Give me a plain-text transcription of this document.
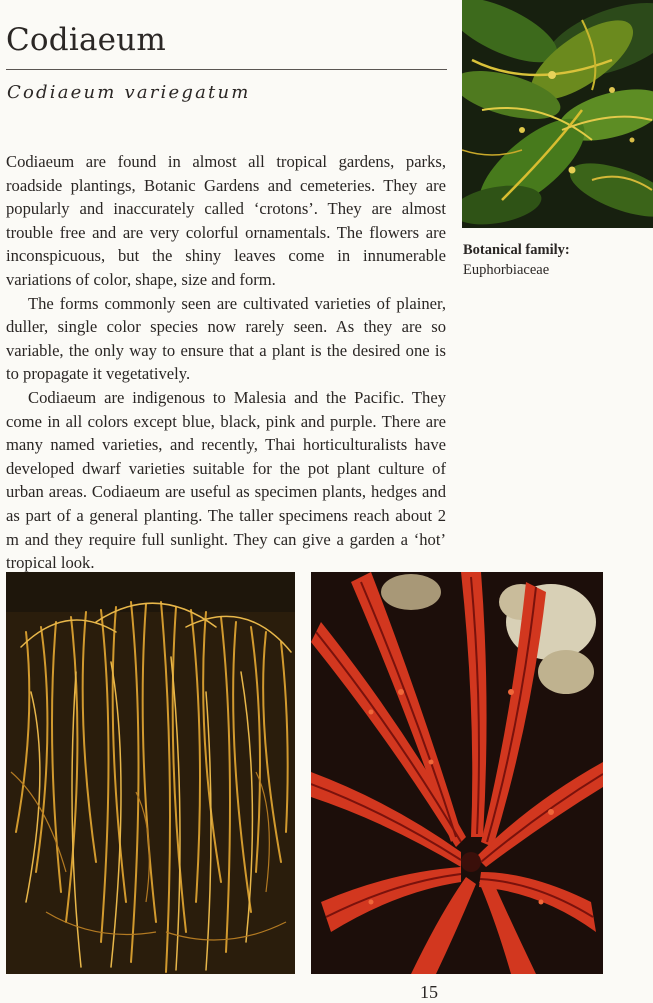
Codiaeum
Codiaeum variegatum

Codiaeum are found in almost all tropical gardens, parks, roadside plantings, Botanic Gardens and cemeteries. They are popularly and inaccurately called ‘crotons’. They are almost trouble free and are very colorful ornamentals. The flowers are inconspicuous, but the shiny leaves come in innumerable variations of color, shape, size and form.

The forms commonly seen are cultivated varieties of plainer, duller, single color species now rarely seen. As they are so variable, the only way to ensure that a plant is the desired one is to propagate it vegetatively.

Codiaeum are indigenous to Malesia and the Pacific. They come in all colors except blue, black, pink and purple. There are many named varieties, and recently, Thai horticulturalists have developed dwarf varieties suitable for the pot plant culture of urban areas. Codiaeum are useful as specimen plants, hedges and as part of a general planting. The taller specimens reach about 2 m and they require full sunlight. They can give a garden a ‘hot’ tropical look.

Botanical family:
Euphorbiaceae
15
